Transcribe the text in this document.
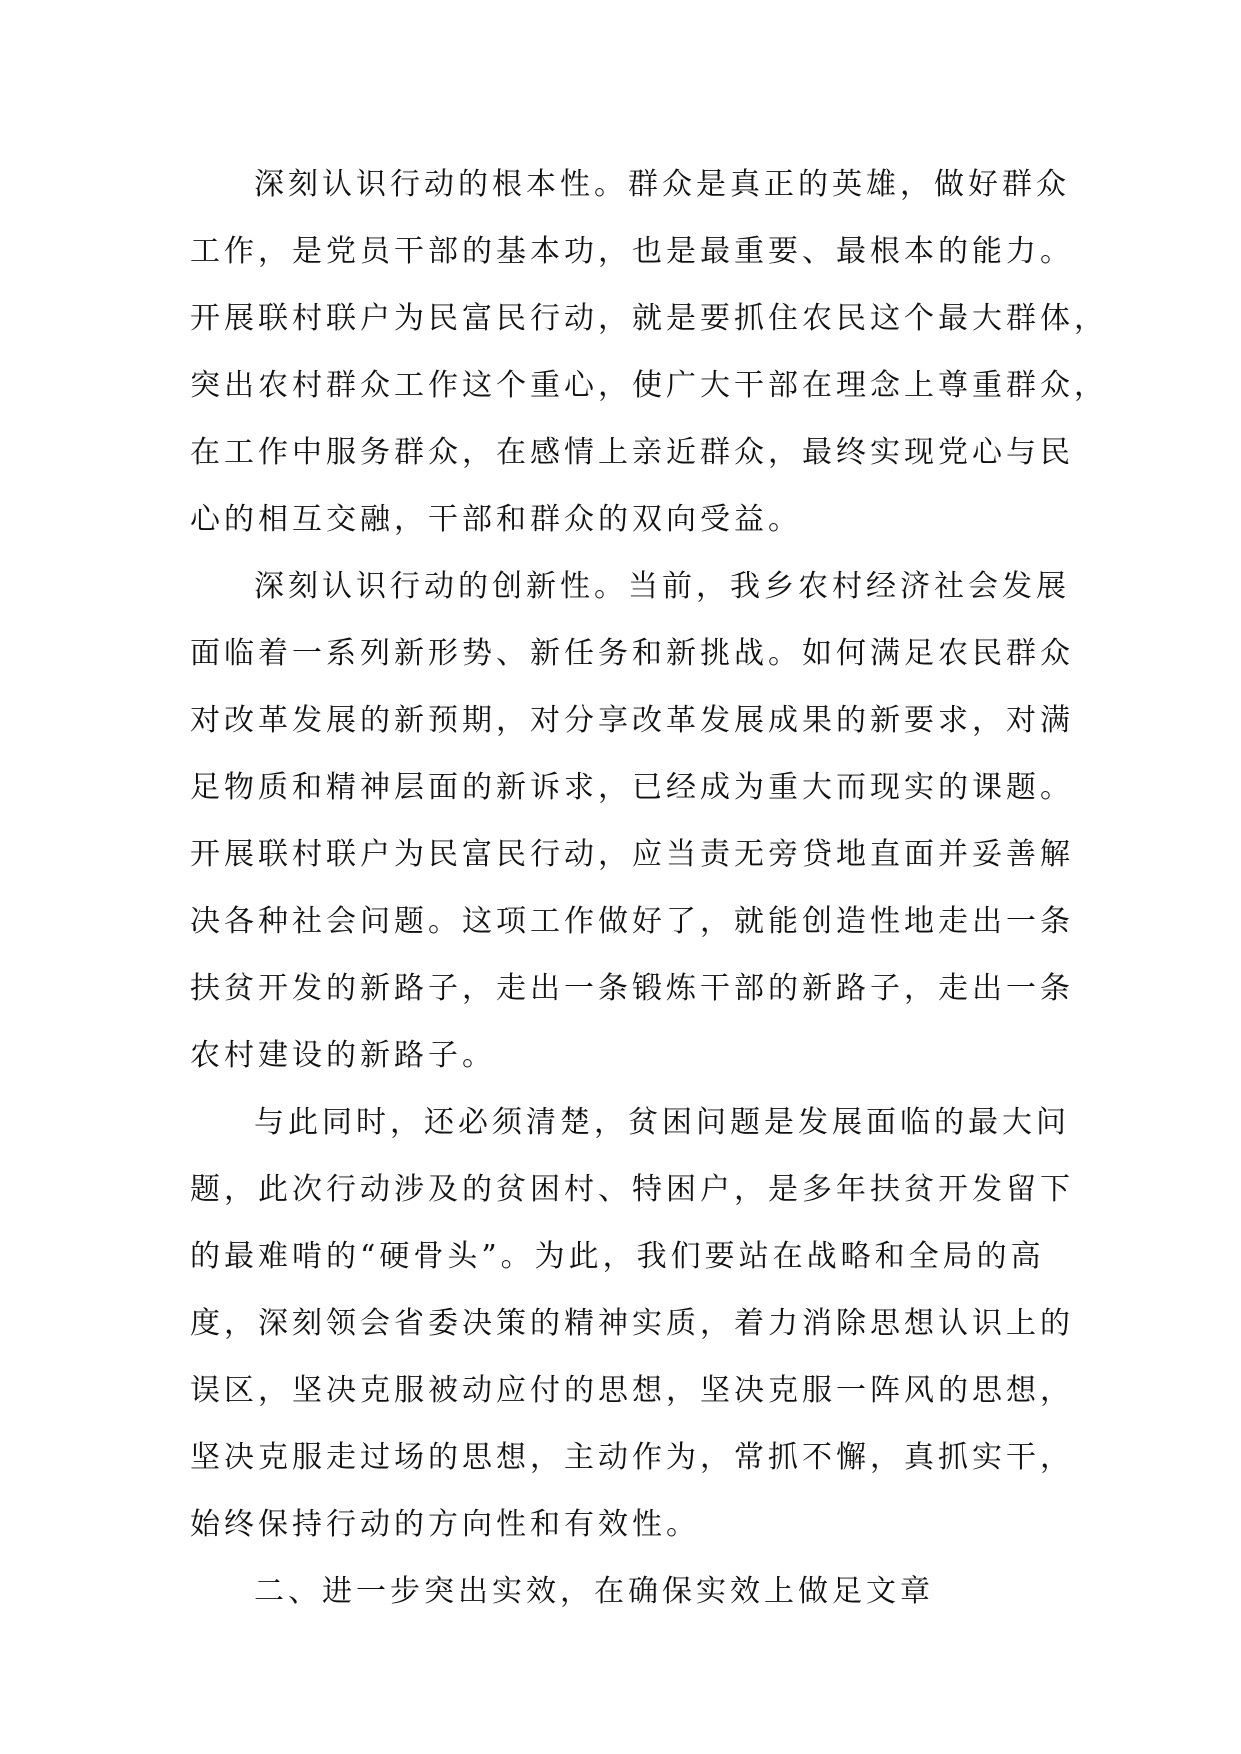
深刻认识行动的根本性。群众是真正的英雄，做好群众
工作，是党员干部的基本功，也是最重要、最根本的能力。
开展联村联户为民富民行动，就是要抓住农民这个最大群体，
突出农村群众工作这个重心，使广大干部在理念上尊重群众，
在工作中服务群众，在感情上亲近群众，最终实现党心与民
心的相互交融，干部和群众的双向受益。

深刻认识行动的创新性。当前，我乡农村经济社会发展
面临着一系列新形势、新任务和新挑战。如何满足农民群众
对改革发展的新预期，对分享改革发展成果的新要求，对满
足物质和精神层面的新诉求，已经成为重大而现实的课题。
开展联村联户为民富民行动，应当责无旁贷地直面并妥善解
决各种社会问题。这项工作做好了，就能创造性地走出一条
扶贫开发的新路子，走出一条锻炼干部的新路子，走出一条
农村建设的新路子。

与此同时，还必须清楚，贫困问题是发展面临的最大问
题，此次行动涉及的贫困村、特困户，是多年扶贫开发留下
的最难啃的“硬骨头”。为此，我们要站在战略和全局的高
度，深刻领会省委决策的精神实质，着力消除思想认识上的
误区，坚决克服被动应付的思想，坚决克服一阵风的思想，
坚决克服走过场的思想，主动作为，常抓不懈，真抓实干，
始终保持行动的方向性和有效性。

二、进一步突出实效，在确保实效上做足文章
